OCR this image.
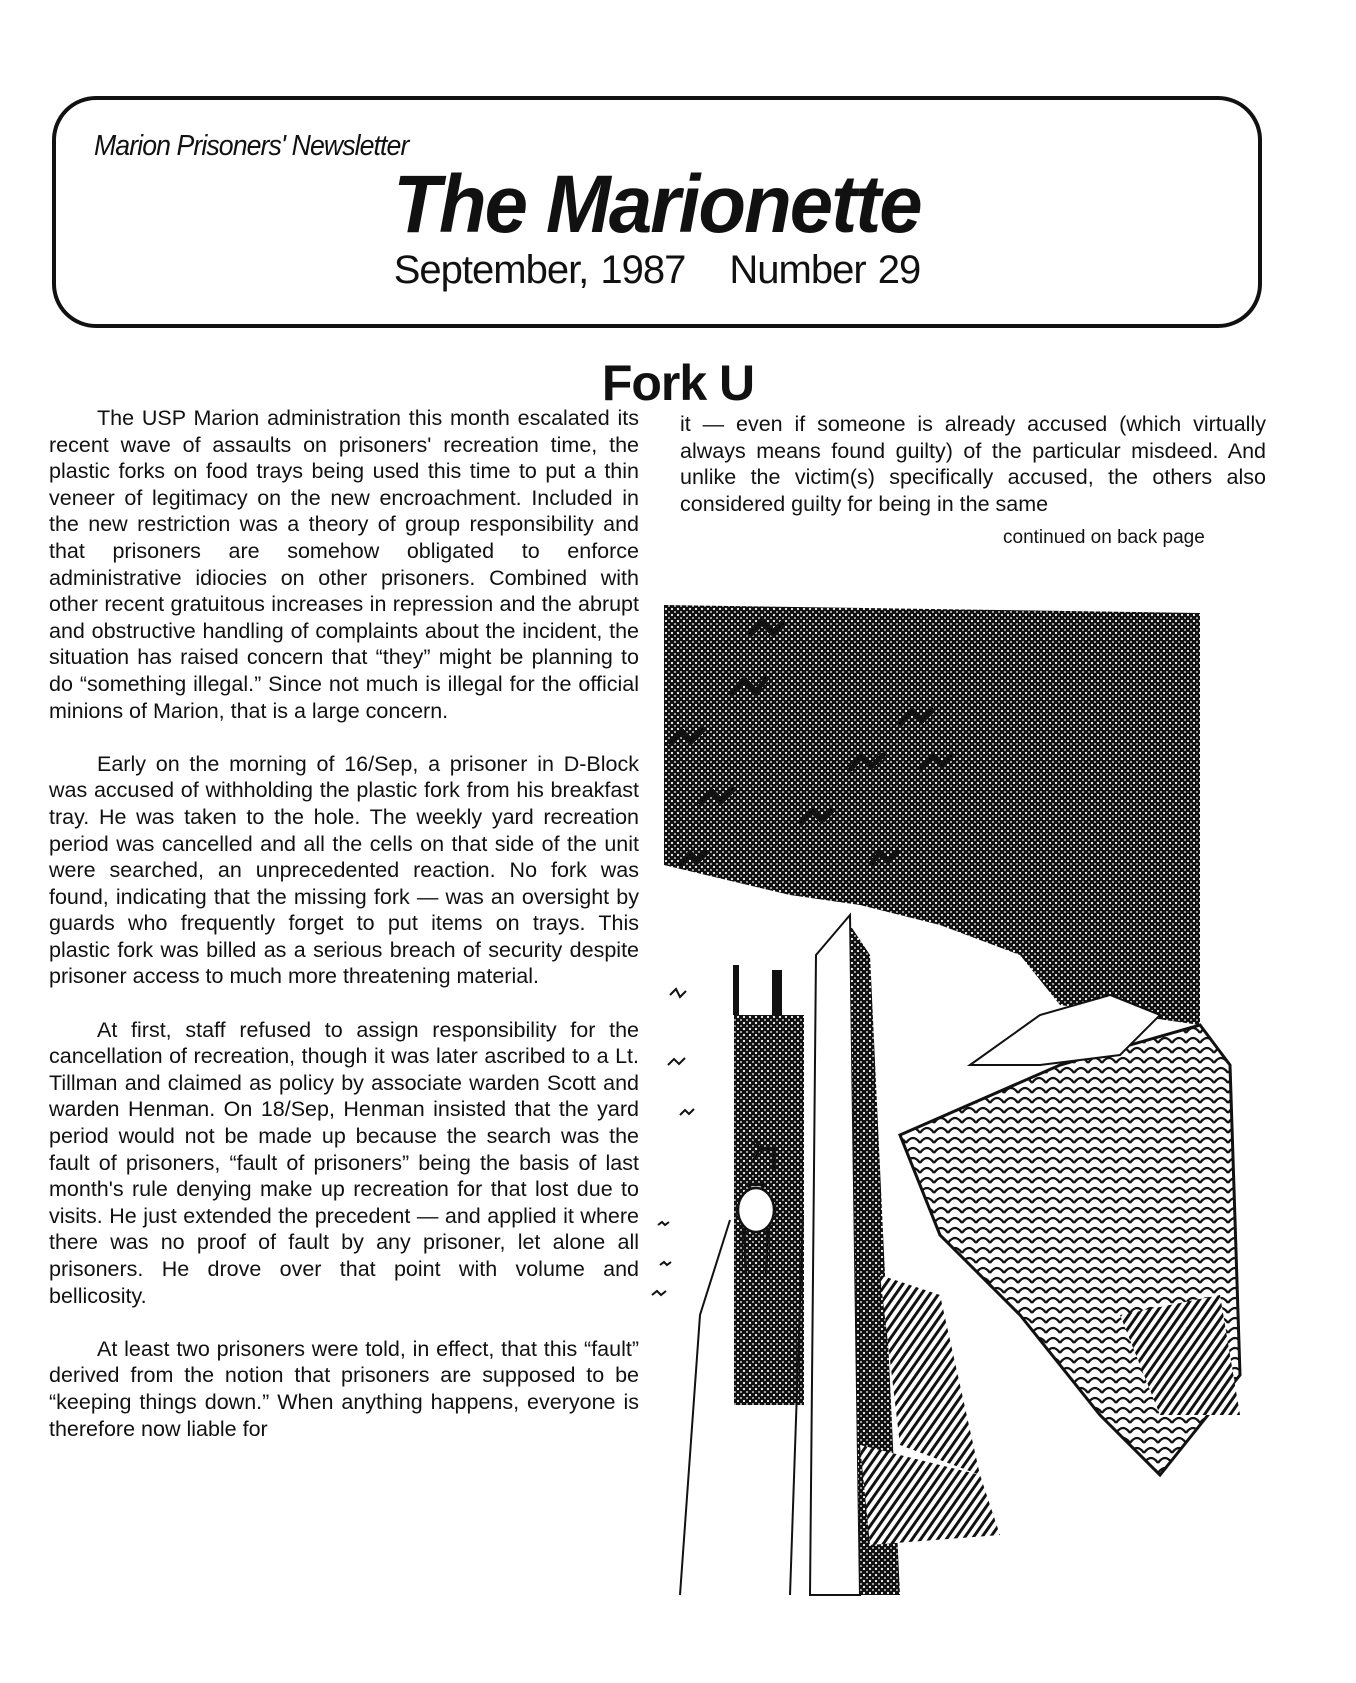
Marion Prisoners' Newsletter
The Marionette
September, 1987 Number 29
Fork U

The USP Marion administration this month escalated its recent wave of assaults on prisoners' recreation time, the plastic forks on food trays being used this time to put a thin veneer of legitimacy on the new encroachment. Included in the new restriction was a theory of group responsibility and that prisoners are somehow obligated to enforce administrative idiocies on other prisoners. Combined with other recent gratuitous increases in repression and the abrupt and obstructive handling of complaints about the incident, the situation has raised concern that “they” might be planning to do “something illegal.” Since not much is illegal for the official minions of Marion, that is a large concern.

Early on the morning of 16/Sep, a prisoner in D-Block was accused of withholding the plastic fork from his breakfast tray. He was taken to the hole. The weekly yard recreation period was cancelled and all the cells on that side of the unit were searched, an unprecedented reaction. No fork was found, indicating that the missing fork — was an oversight by guards who frequently forget to put items on trays. This plastic fork was billed as a serious breach of security despite prisoner access to much more threatening material.

At first, staff refused to assign responsibility for the cancellation of recreation, though it was later ascribed to a Lt. Tillman and claimed as policy by associate warden Scott and warden Henman. On 18/Sep, Henman insisted that the yard period would not be made up because the search was the fault of prisoners, “fault of prisoners” being the basis of last month's rule denying make up recreation for that lost due to visits. He just extended the precedent — and applied it where there was no proof of fault by any prisoner, let alone all prisoners. He drove over that point with volume and bellicosity.

At least two prisoners were told, in effect, that this “fault” derived from the notion that prisoners are supposed to be “keeping things down.” When anything happens, everyone is therefore now liable for

it — even if someone is already accused (which virtually always means found guilty) of the particular misdeed. And unlike the victim(s) specifically accused, the others also considered guilty for being in the same

continued on back page
